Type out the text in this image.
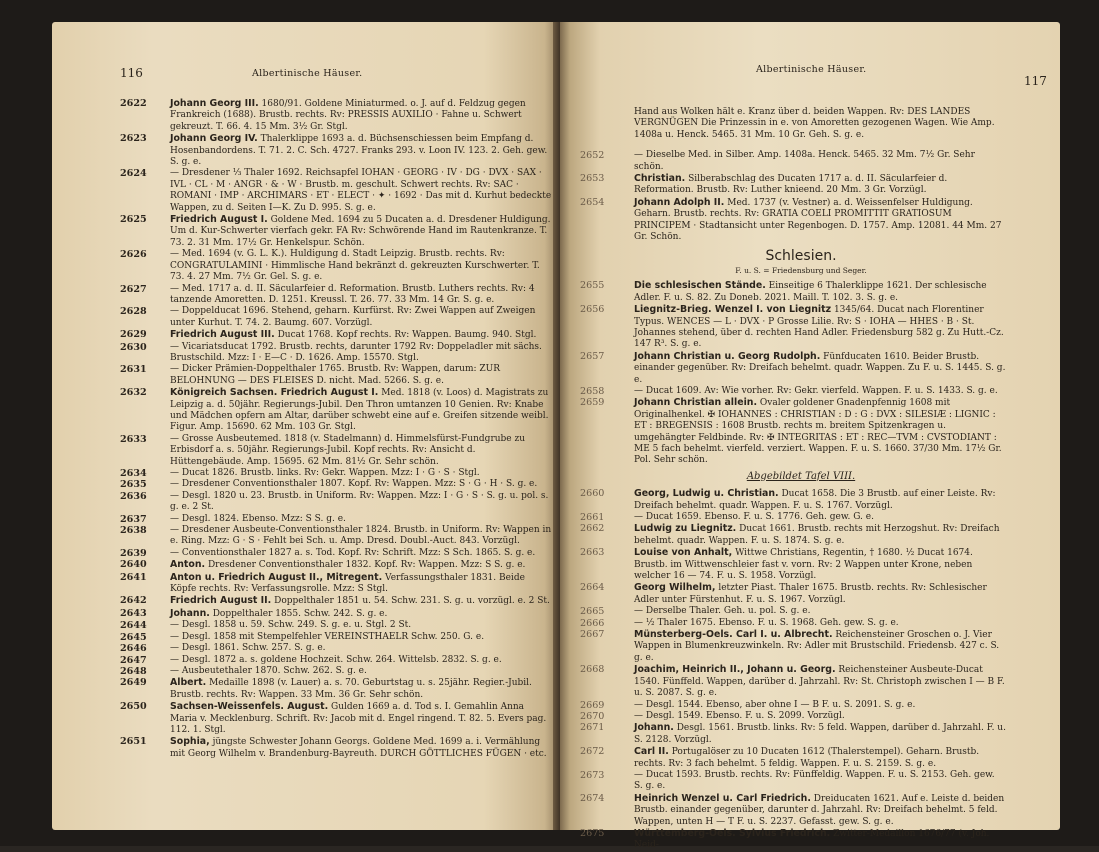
116	Albertinische Häuser.

2622 Johann Georg III. 1680/91. Goldene Miniaturmed. o. J. auf d. Feldzug gegen Frankreich (1688). Brustb. rechts. Rv: PRESSIS AUXILIO · Fahne u. Schwert gekreuzt. T. 66. 4. 15 Mm. 3½ Gr. Stgl.

2623 Johann Georg IV. Thalerklippe 1693 a. d. Büchsenschiessen beim Empfang d. Hosenbandordens. T. 71. 2. C. Sch. 4727. Franks 293. v. Loon IV. 123. 2. Geh. gew. S. g. e.

2624	— Dresdener ⅓ Thaler 1692. Reichsapfel IOHAN · GEORG · IV · DG · DVX · SAX · IVL · CL · M · ANGR · & · W · Brustb. m. geschult. Schwert rechts. Rv: SAC · ROMANI · IMP · ARCHIMARS · ET · ELECT · ✦ · 1692 · Das mit d. Kurhut bedeckte Wappen, zu d. Seiten I—K. Zu D. 995. S. g. e.

2625 Friedrich August I. Goldene Med. 1694 zu 5 Ducaten a. d. Dresdener Huldigung. Um d. Kur-Schwerter vierfach gekr. FA Rv: Schwörende Hand im Rautenkranze. T. 73. 2. 31 Mm. 17½ Gr. Henkelspur. Schön.

2626	— Med. 1694 (v. G. L. K.). Huldigung d. Stadt Leipzig. Brustb. rechts. Rv: CONGRATULAMINI · Himmlische Hand bekränzt d. gekreuzten Kurschwerter. T. 73. 4. 27 Mm. 7½ Gr. Gel. S. g. e.

2627	— Med. 1717 a. d. II. Säcularfeier d. Reformation. Brustb. Luthers rechts. Rv: 4 tanzende Amoretten. D. 1251. Kreussl. T. 26. 77. 33 Mm. 14 Gr. S. g. e.

2628	— Doppelducat 1696. Stehend, geharn. Kurfürst. Rv: Zwei Wappen auf Zweigen unter Kurhut. T. 74. 2. Baumg. 607. Vorzügl.

2629 Friedrich August III. Ducat 1768. Kopf rechts. Rv: Wappen. Baumg. 940. Stgl.

2630	— Vicariatsducat 1792. Brustb. rechts, darunter 1792 Rv: Doppeladler mit sächs. Brustschild. Mzz: I · E—C · D. 1626. Amp. 15570. Stgl.

2631	— Dicker Prämien-Doppelthaler 1765. Brustb. Rv: Wappen, darum: ZUR BELOHNUNG — DES FLEISES D. nicht. Mad. 5266. S. g. e.

2632 Königreich Sachsen. Friedrich August I. Med. 1818 (v. Loos) d. Magistrats zu Leipzig a. d. 50jähr. Regierungs-Jubil. Den Thron umtanzen 10 Genien. Rv: Knabe und Mädchen opfern am Altar, darüber schwebt eine auf e. Greifen sitzende weibl. Figur. Amp. 15690. 62 Mm. 103 Gr. Stgl.

2633	— Grosse Ausbeutemed. 1818 (v. Stadelmann) d. Himmelsfürst-Fundgrube zu Erbisdorf a. s. 50jähr. Regierungs-Jubil. Kopf rechts. Rv: Ansicht d. Hüttengebäude. Amp. 15695. 62 Mm. 81½ Gr. Sehr schön.

2634	— Ducat 1826. Brustb. links. Rv: Gekr. Wappen. Mzz: I · G · S · Stgl.

2635	— Dresdener Conventionsthaler 1807. Kopf. Rv: Wappen. Mzz: S · G · H · S. g. e.

2636	— Desgl. 1820 u. 23. Brustb. in Uniform. Rv: Wappen. Mzz: I · G · S · S. g. u. pol. s. g. e. 2 St.

2637	— Desgl. 1824. Ebenso. Mzz: S S. g. e.

2638	— Dresdener Ausbeute-Conventionsthaler 1824. Brustb. in Uniform. Rv: Wappen in e. Ring. Mzz: G · S · Fehlt bei Sch. u. Amp. Dresd. Doubl.-Auct. 843. Vorzügl.

2639	— Conventionsthaler 1827 a. s. Tod. Kopf. Rv: Schrift. Mzz: S Sch. 1865. S. g. e.

2640 Anton. Dresdener Conventionsthaler 1832. Kopf. Rv: Wappen. Mzz: S S. g. e.

2641 Anton u. Friedrich August II., Mitregent. Verfassungsthaler 1831. Beide Köpfe rechts. Rv: Verfassungsrolle. Mzz: S Stgl.

2642 Friedrich August II. Doppelthaler 1851 u. 54. Schw. 231. S. g. u. vorzügl. e. 2 St.

2643 Johann. Doppelthaler 1855. Schw. 242. S. g. e.

2644	— Desgl. 1858 u. 59. Schw. 249. S. g. e. u. Stgl. 2 St.

2645	— Desgl. 1858 mit Stempelfehler VEREINSTHAELR Schw. 250. G. e.

2646	— Desgl. 1861. Schw. 257. S. g. e.

2647	— Desgl. 1872 a. s. goldene Hochzeit. Schw. 264. Wittelsb. 2832. S. g. e.

2648	— Ausbeutethaler 1870. Schw. 262. S. g. e.

2649 Albert. Medaille 1898 (v. Lauer) a. s. 70. Geburtstag u. s. 25jähr. Regier.-Jubil. Brustb. rechts. Rv: Wappen. 33 Mm. 36 Gr. Sehr schön.

2650 Sachsen-Weissenfels. August. Gulden 1669 a. d. Tod s. I. Gemahlin Anna Maria v. Mecklenburg. Schrift. Rv: Jacob mit d. Engel ringend. T. 82. 5. Evers pag. 112. 1. Stgl.

2651 Sophia, jüngste Schwester Johann Georgs. Goldene Med. 1699 a. i. Vermählung mit Georg Wilhelm v. Brandenburg-Bayreuth. DURCH GÖTTLICHES FÜGEN · etc.

Albertinische Häuser.
117

Hand aus Wolken hält e. Kranz über d. beiden Wappen. Rv: DES LANDES VERGNÜGEN Die Prinzessin in e. von Amoretten gezogenen Wagen. Wie Amp. 1408a u. Henck. 5465. 31 Mm. 10 Gr. Geh. S. g. e.

2652	— Dieselbe Med. in Silber. Amp. 1408a. Henck. 5465. 32 Mm. 7½ Gr. Sehr schön.

2653	Christian. Silberabschlag des Ducaten 1717 a. d. II. Säcularfeier d. Reformation. Brustb. Rv: Luther knieend. 20 Mm. 3 Gr. Vorzügl.

2654	Johann Adolph II. Med. 1737 (v. Vestner) a. d. Weissenfelser Huldigung. Geharn. Brustb. rechts. Rv: GRATIA COELI PROMITTIT GRATIOSUM PRINCIPEM · Stadtansicht unter Regenbogen. D. 1757. Amp. 12081. 44 Mm. 27 Gr. Schön.

Schlesien.
F. u. S. = Friedensburg und Seger.

2655	Die schlesischen Stände. Einseitige 6 Thalerklippe 1621. Der schlesische Adler. F. u. S. 82. Zu Doneb. 2021. Maill. T. 102. 3. S. g. e.

2656	Liegnitz-Brieg. Wenzel I. von Liegnitz 1345/64. Ducat nach Florentiner Typus. WENCES — L · DVX · P Grosse Lilie. Rv: S · IOHA — HHES · B · St. Johannes stehend, über d. rechten Hand Adler. Friedensburg 582 g. Zu Hutt.-Cz. 147 R³. S. g. e.

2657	Johann Christian u. Georg Rudolph. Fünfducaten 1610. Beider Brustb. einander gegenüber. Rv: Dreifach behelmt. quadr. Wappen. Zu F. u. S. 1445. S. g. e.

2658	— Ducat 1609. Av: Wie vorher. Rv: Gekr. vierfeld. Wappen. F. u. S. 1433. S. g. e.

2659	Johann Christian allein. Ovaler goldener Gnadenpfennig 1608 mit Originalhenkel. ✠ IOHANNES : CHRISTIAN : D : G : DVX : SILESIÆ : LIGNIC : ET : BREGENSIS : 1608 Brustb. rechts m. breitem Spitzenkragen u. umgehängter Feldbinde. Rv: ✠ INTEGRITAS : ET : REC—TVM : CVSTODIANT : ME 5 fach behelmt. vierfeld. verziert. Wappen. F. u. S. 1660. 37/30 Mm. 17½ Gr. Pol. Sehr schön.

Abgebildet Tafel VIII.

2660	Georg, Ludwig u. Christian. Ducat 1658. Die 3 Brustb. auf einer Leiste. Rv: Dreifach behelmt. quadr. Wappen. F. u. S. 1767. Vorzügl.

2661	— Ducat 1659. Ebenso. F. u. S. 1776. Geh. gew. G. e.

2662	Ludwig zu Liegnitz. Ducat 1661. Brustb. rechts mit Herzogshut. Rv: Dreifach behelmt. quadr. Wappen. F. u. S. 1874. S. g. e.

2663	Louise von Anhalt, Wittwe Christians, Regentin, † 1680. ½ Ducat 1674. Brustb. im Wittwenschleier fast v. vorn. Rv: 2 Wappen unter Krone, neben welcher 16 — 74. F. u. S. 1958. Vorzügl.

2664	Georg Wilhelm, letzter Piast. Thaler 1675. Brustb. rechts. Rv: Schlesischer Adler unter Fürstenhut. F. u. S. 1967. Vorzügl.

2665	— Derselbe Thaler. Geh. u. pol. S. g. e.

2666	— ½ Thaler 1675. Ebenso. F. u. S. 1968. Geh. gew. S. g. e.

2667	Münsterberg-Oels. Carl I. u. Albrecht. Reichensteiner Groschen o. J. Vier Wappen in Blumenkreuzwinkeln. Rv: Adler mit Brustschild. Friedensb. 427 c. S. g. e.

2668	Joachim, Heinrich II., Johann u. Georg. Reichensteiner Ausbeute-Ducat 1540. Fünffeld. Wappen, darüber d. Jahrzahl. Rv: St. Christoph zwischen I — B F. u. S. 2087. S. g. e.

2669	— Desgl. 1544. Ebenso, aber ohne I — B F. u. S. 2091. S. g. e.

2670	— Desgl. 1549. Ebenso. F. u. S. 2099. Vorzügl.

2671	Johann. Desgl. 1561. Brustb. links. Rv: 5 feld. Wappen, darüber d. Jahrzahl. F. u. S. 2128. Vorzügl.

2672	Carl II. Portugalöser zu 10 Ducaten 1612 (Thalerstempel). Geharn. Brustb. rechts. Rv: 3 fach behelmt. 5 feldig. Wappen. F. u. S. 2159. S. g. e.

2673	— Ducat 1593. Brustb. rechts. Rv: Fünffeldig. Wappen. F. u. S. 2153. Geh. gew. S. g. e.

2674	Heinrich Wenzel u. Carl Friedrich. Dreiducaten 1621. Auf e. Leiste d. beiden Brustb. einander gegenüber, darunter d. Jahrzahl. Rv: Dreifach behelmt. 5 feld. Wappen, unten H — T F. u. S. 2237. Gefasst. gew. S. g. e.

2675	Württemberg-Oels. Sylvius Friedrich. Zwitter-Medaillon 1676/77 (v. Joh. Neid-
